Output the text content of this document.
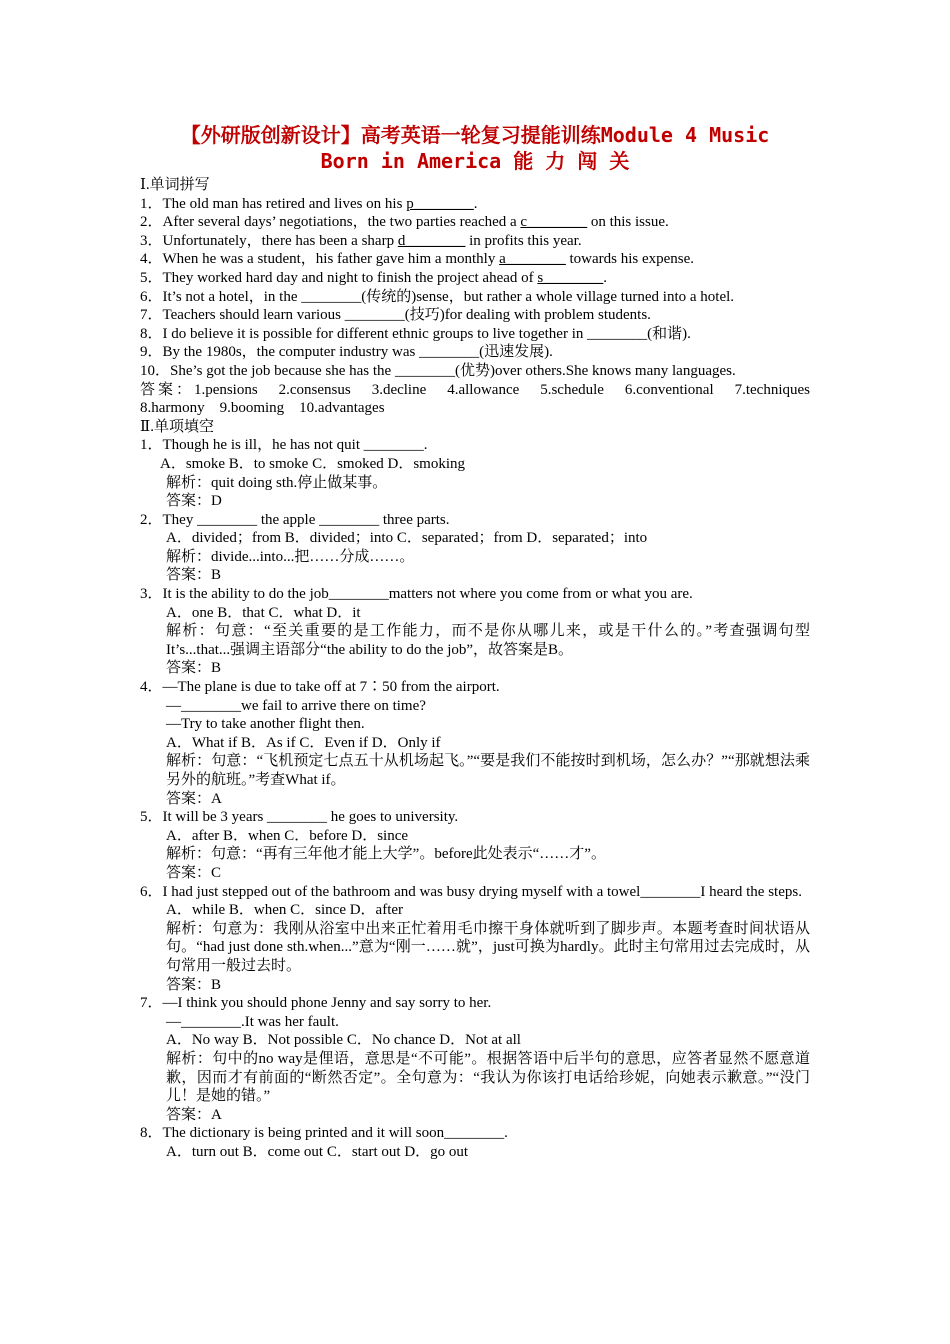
【外研版创新设计】高考英语一轮复习提能训练Module 4 Music
Born in America 能 力 闯 关

Ⅰ.单词拼写

1．The old man has retired and lives on his p________.

2．After several days’ negotiations，the two parties reached a c________ on this issue.

3．Unfortunately，there has been a sharp d________ in profits this year.

4．When he was a student，his father gave him a monthly a________ towards his expense.

5．They worked hard day and night to finish the project ahead of s________.

6．It’s not a hotel，in the ________(传统的)sense，but rather a whole village turned into a hotel.

7．Teachers should learn various ________(技巧)for dealing with problem students.

8．I do believe it is possible for different ethnic groups to live together in ________(和谐).

9．By the 1980s，the computer industry was ________(迅速发展).

10．She’s got the job because she has the ________(优势)over others.She knows many languages.

答案：1.pensions　2.consensus　3.decline　4.allowance　5.schedule　6.conventional　7.techniques　8.harmony　9.booming　10.advantages

Ⅱ.单项填空

1．Though he is ill，he has not quit ________.

A．smoke B．to smoke C．smoked D．smoking

解析：quit doing sth.停止做某事。

答案：D

2．They ________ the apple ________ three parts.

A．divided；from B．divided；into C．separated；from D．separated；into

解析：divide...into...把……分成……。

答案：B

3．It is the ability to do the job________matters not where you come from or what you are.

A．one B．that C．what D．it

解析：句意：“至关重要的是工作能力，而不是你从哪儿来，或是干什么的。”考查强调句型It’s...that...强调主语部分“the ability to do the job”，故答案是B。

答案：B

4．—The plane is due to take off at 7∶50 from the airport.

—________we fail to arrive there on time?

—Try to take another flight then.

A．What if B．As if C．Even if D．Only if

解析：句意：“飞机预定七点五十从机场起飞。”“要是我们不能按时到机场，怎么办？”“那就想法乘另外的航班。”考查What if。

答案：A

5．It will be 3 years ________ he goes to university.

A．after B．when C．before D．since

解析：句意：“再有三年他才能上大学”。before此处表示“……才”。

答案：C

6．I had just stepped out of the bathroom and was busy drying myself with a towel________I heard the steps.

A．while B．when C．since D．after

解析：句意为：我刚从浴室中出来正忙着用毛巾擦干身体就听到了脚步声。本题考查时间状语从句。“had just done sth.when...”意为“刚一……就”，just可换为hardly。此时主句常用过去完成时，从句常用一般过去时。

答案：B

7．—I think you should phone Jenny and say sorry to her.

—________.It was her fault.

A．No way B．Not possible C．No chance D．Not at all

解析：句中的no way是俚语，意思是“不可能”。根据答语中后半句的意思，应答者显然不愿意道歉，因而才有前面的“断然否定”。全句意为：“我认为你该打电话给珍妮，向她表示歉意。”“没门儿！是她的错。”

答案：A

8．The dictionary is being printed and it will soon________.

A．turn out B．come out C．start out D．go out
